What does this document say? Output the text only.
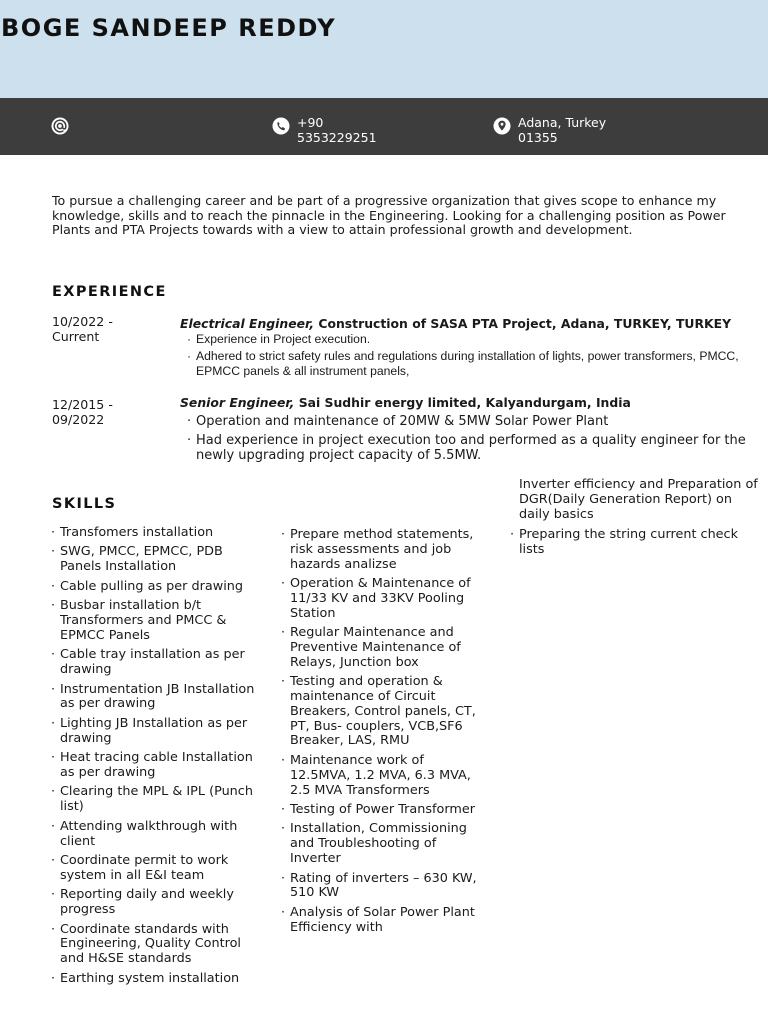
BOGE SANDEEP REDDY
+90
5353229251
Adana, Turkey
01355

To pursue a challenging career and be part of a progressive organization that gives scope to enhance my knowledge, skills and to reach the pinnacle in the Engineering. Looking for a challenging position as Power Plants and PTA Projects towards with a view to attain professional growth and development.

EXPERIENCE
10/2022 -
Current
Electrical Engineer, Construction of SASA PTA Project, Adana, TURKEY, TURKEY
· Experience in Project execution.
· Adhered to strict safety rules and regulations during installation of lights, power transformers, PMCC, EPMCC panels & all instrument panels,
12/2015 -
09/2022
Senior Engineer, Sai Sudhir energy limited, Kalyandurgam, India
· Operation and maintenance of 20MW & 5MW Solar Power Plant
· Had experience in project execution too and performed as a quality engineer for the newly upgrading project capacity of 5.5MW.
SKILLS
· Transfomers installation
· SWG, PMCC, EPMCC, PDB Panels Installation
· Cable pulling as per drawing
· Busbar installation b/t Transformers and PMCC & EPMCC Panels
· Cable tray installation as per drawing
· Instrumentation JB Installation as per drawing
· Lighting JB Installation as per drawing
· Heat tracing cable Installation as per drawing
· Clearing the MPL & IPL (Punch list)
· Attending walkthrough with client
· Coordinate permit to work system in all E&I team
· Reporting daily and weekly progress
· Coordinate standards with Engineering, Quality Control and H&SE standards
· Earthing system installation
· Prepare method statements, risk assessments and job hazards analizse
· Operation & Maintenance of 11/33 KV and 33KV Pooling Station
· Regular Maintenance and Preventive Maintenance of Relays, Junction box
· Testing and operation & maintenance of Circuit Breakers, Control panels, CT, PT, Bus- couplers, VCB,SF6 Breaker, LAS, RMU
· Maintenance work of 12.5MVA, 1.2 MVA, 6.3 MVA, 2.5 MVA Transformers
· Testing of Power Transformer
· Installation, Commissioning and Troubleshooting of Inverter
· Rating of inverters – 630 KW, 510 KW
· Analysis of Solar Power Plant Efficiency with
Inverter efficiency and Preparation of DGR(Daily Generation Report) on daily basics
· Preparing the string current check lists
